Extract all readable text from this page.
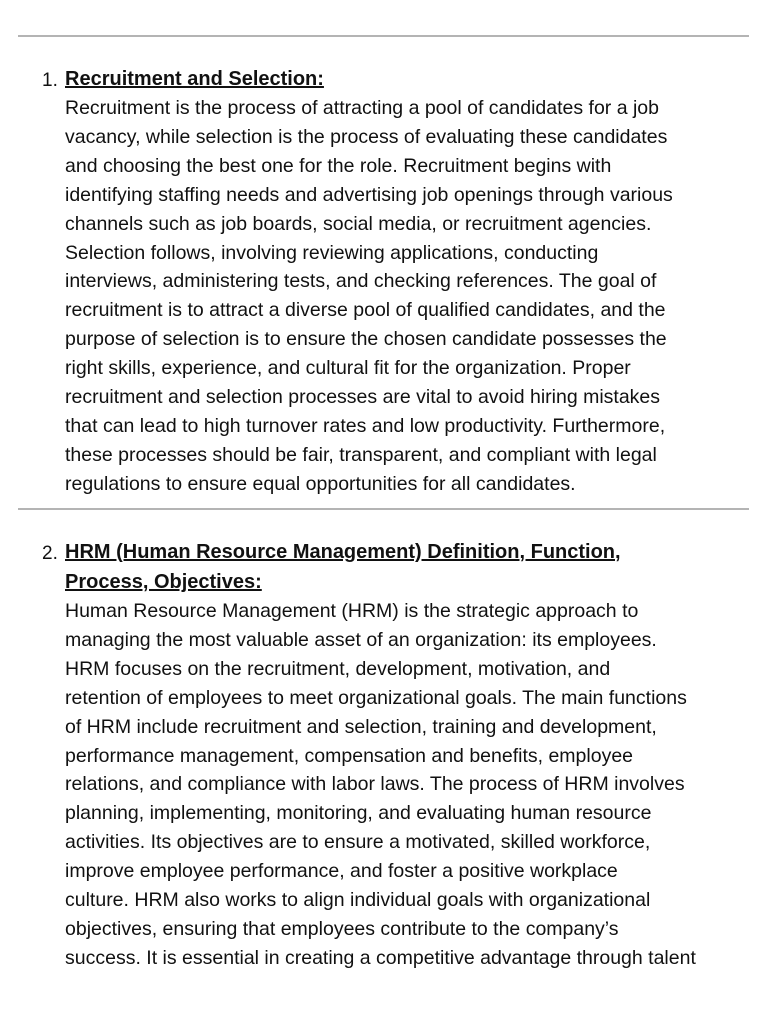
1. Recruitment and Selection:
Recruitment is the process of attracting a pool of candidates for a job
vacancy, while selection is the process of evaluating these candidates
and choosing the best one for the role. Recruitment begins with
identifying staffing needs and advertising job openings through various
channels such as job boards, social media, or recruitment agencies.
Selection follows, involving reviewing applications, conducting
interviews, administering tests, and checking references. The goal of
recruitment is to attract a diverse pool of qualified candidates, and the
purpose of selection is to ensure the chosen candidate possesses the
right skills, experience, and cultural fit for the organization. Proper
recruitment and selection processes are vital to avoid hiring mistakes
that can lead to high turnover rates and low productivity. Furthermore,
these processes should be fair, transparent, and compliant with legal
regulations to ensure equal opportunities for all candidates.
2. HRM (Human Resource Management) Definition, Function,
Process, Objectives:
Human Resource Management (HRM) is the strategic approach to
managing the most valuable asset of an organization: its employees.
HRM focuses on the recruitment, development, motivation, and
retention of employees to meet organizational goals. The main functions
of HRM include recruitment and selection, training and development,
performance management, compensation and benefits, employee
relations, and compliance with labor laws. The process of HRM involves
planning, implementing, monitoring, and evaluating human resource
activities. Its objectives are to ensure a motivated, skilled workforce,
improve employee performance, and foster a positive workplace
culture. HRM also works to align individual goals with organizational
objectives, ensuring that employees contribute to the company’s
success. It is essential in creating a competitive advantage through talent
